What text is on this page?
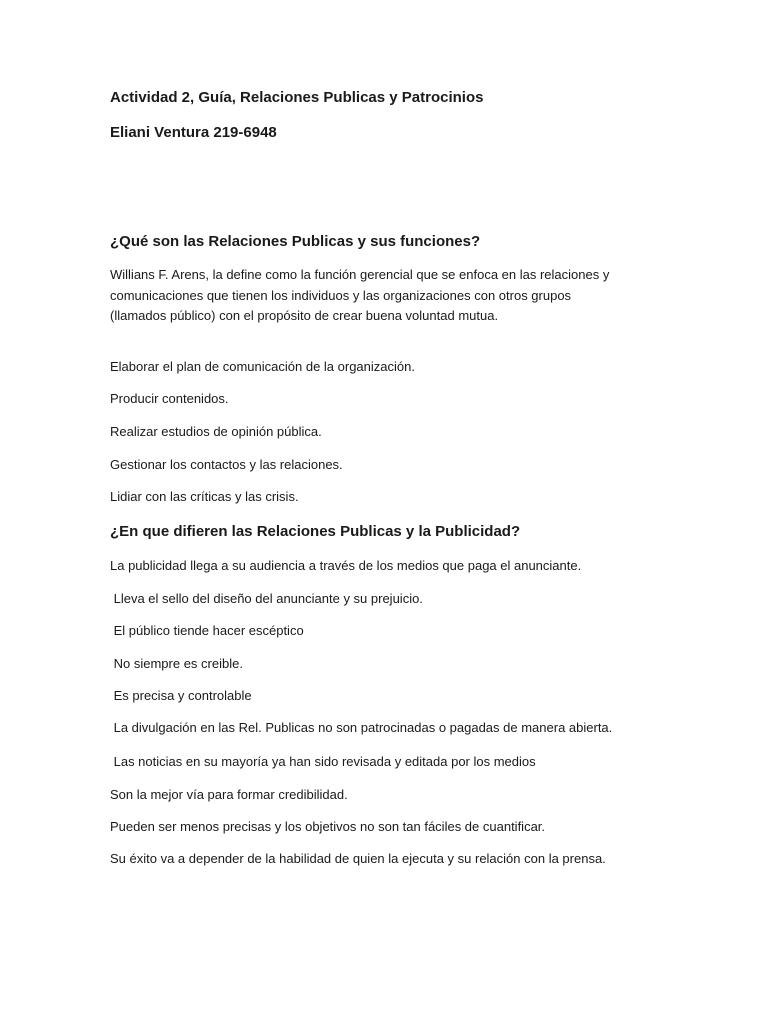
Actividad 2, Guía, Relaciones Publicas y Patrocinios

Eliani Ventura 219-6948

¿Qué son las Relaciones Publicas y sus funciones?

Willians F. Arens, la define como la función gerencial que se enfoca en las relaciones y
comunicaciones que tienen los individuos y las organizaciones con otros grupos
(llamados público) con el propósito de crear buena voluntad mutua.

Elaborar el plan de comunicación de la organización.

Producir contenidos.

Realizar estudios de opinión pública.

Gestionar los contactos y las relaciones.

Lidiar con las críticas y las crisis.

¿En que difieren las Relaciones Publicas y la Publicidad?

La publicidad llega a su audiencia a través de los medios que paga el anunciante.

Lleva el sello del diseño del anunciante y su prejuicio.

El público tiende hacer escéptico

No siempre es creible.

Es precisa y controlable

La divulgación en las Rel. Publicas no son patrocinadas o pagadas de manera abierta.

Las noticias en su mayoría ya han sido revisada y editada por los medios

Son la mejor vía para formar credibilidad.

Pueden ser menos precisas y los objetivos no son tan fáciles de cuantificar.

Su éxito va a depender de la habilidad de quien la ejecuta y su relación con la prensa.
